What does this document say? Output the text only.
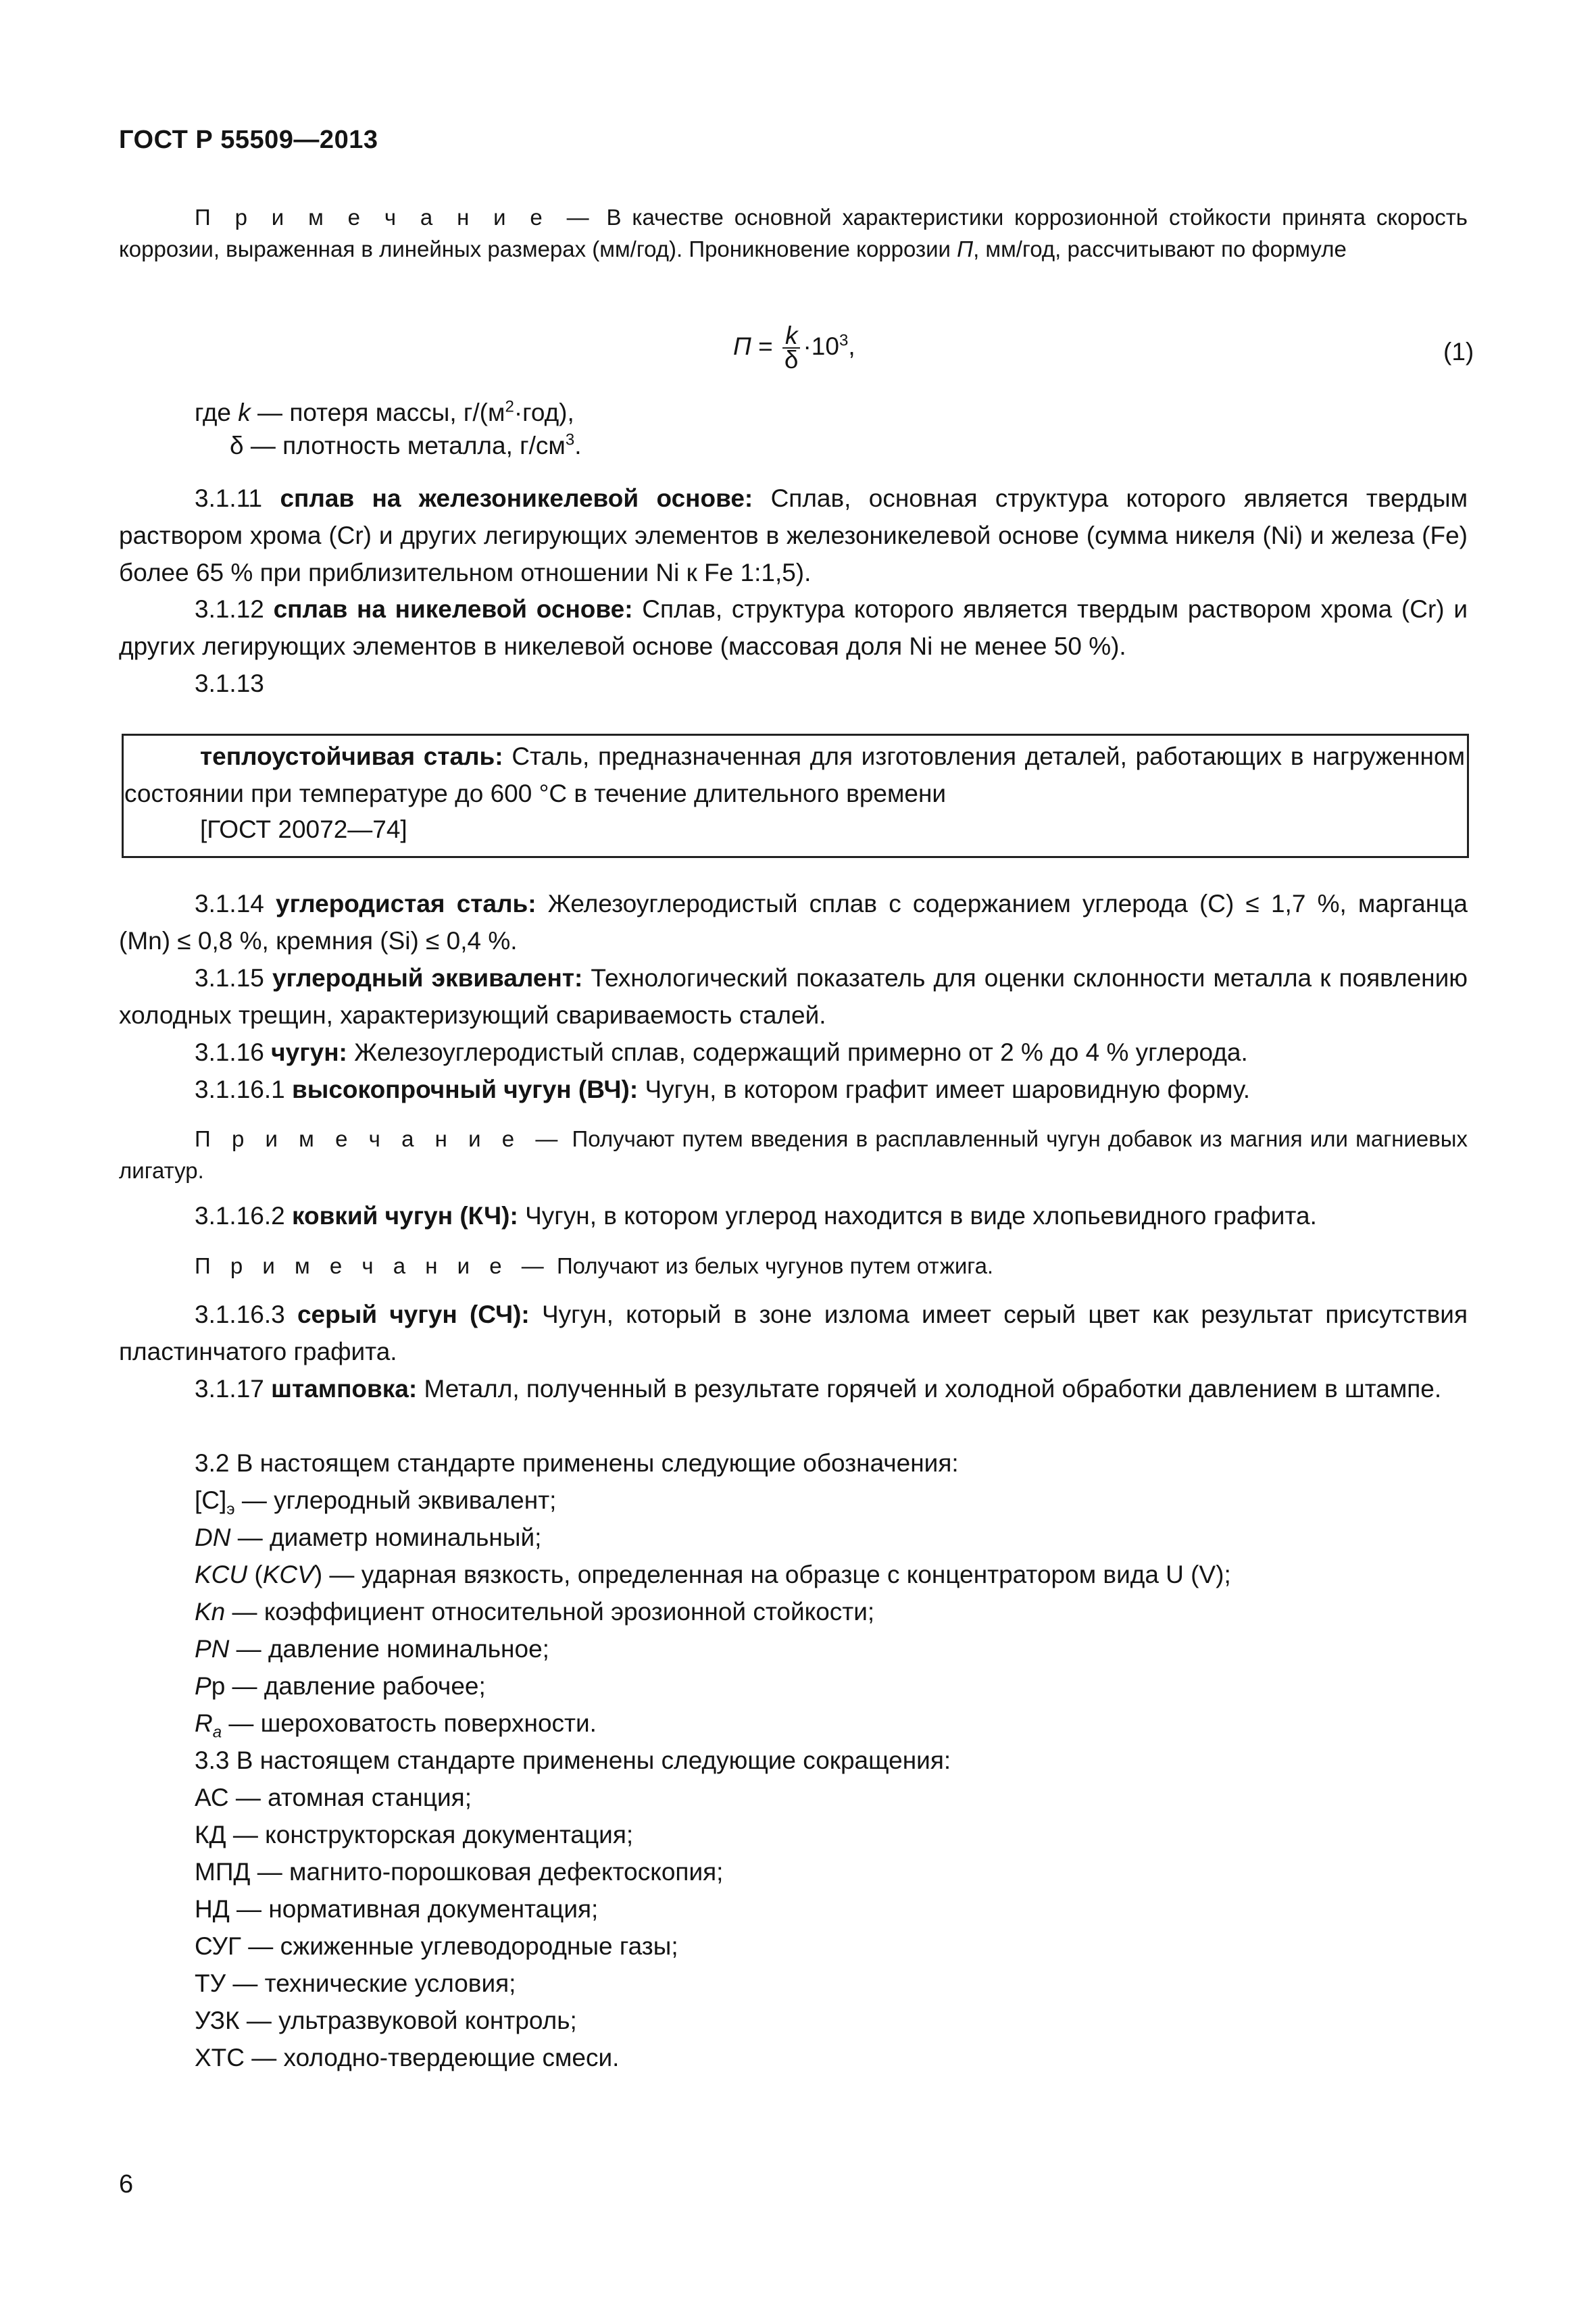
ГОСТ Р 55509—2013
П р и м е ч а н и е — В качестве основной характеристики коррозионной стойкости принята скорость коррозии, выраженная в линейных размерах (мм/год). Проникновение коррозии П, мм/год, рассчитывают по формуле
$П = \frac{k}{\delta} \cdot 10^3$,	(1)
где k — потеря массы, $г/(м^2\cdot год)$,
δ — плотность металла, $г/см^3$.
3.1.11 сплав на железоникелевой основе: Сплав, основная структура которого является твердым раствором хрома (Cr) и других легирующих элементов в железоникелевой основе (сумма никеля (Ni) и железа (Fe) более 65 % при приблизительном отношении Ni к Fe 1:1,5).
3.1.12 сплав на никелевой основе: Сплав, структура которого является твердым раствором хрома (Cr) и других легирующих элементов в никелевой основе (массовая доля Ni не менее 50 %).
3.1.13
теплоустойчивая сталь: Сталь, предназначенная для изготовления деталей, работающих в нагруженном состоянии при температуре до 600 °С в течение длительного времени
[ГОСТ 20072—74]
3.1.14 углеродистая сталь: Железоуглеродистый сплав с содержанием углерода (С) ≤ 1,7 %, марганца (Mn) ≤ 0,8 %, кремния (Si) ≤ 0,4 %.
3.1.15 углеродный эквивалент: Технологический показатель для оценки склонности металла к появлению холодных трещин, характеризующий свариваемость сталей.
3.1.16 чугун: Железоуглеродистый сплав, содержащий примерно от 2 % до 4 % углерода.
3.1.16.1 высокопрочный чугун (ВЧ): Чугун, в котором графит имеет шаровидную форму.
П р и м е ч а н и е — Получают путем введения в расплавленный чугун добавок из магния или магниевых лигатур.
3.1.16.2 ковкий чугун (КЧ): Чугун, в котором углерод находится в виде хлопьевидного графита.
П р и м е ч а н и е — Получают из белых чугунов путем отжига.
3.1.16.3 серый чугун (СЧ): Чугун, который в зоне излома имеет серый цвет как результат присутствия пластинчатого графита.
3.1.17 штамповка: Металл, полученный в результате горячей и холодной обработки давлением в штампе.
3.2 В настоящем стандарте применены следующие обозначения:
$[С]_э$ — углеродный эквивалент;
DN — диаметр номинальный;
KCU (KCV) — ударная вязкость, определенная на образце с концентратором вида U (V);
Kn — коэффициент относительной эрозионной стойкости;
PN — давление номинальное;
Pр — давление рабочее;
$R_a$ — шероховатость поверхности.
3.3 В настоящем стандарте применены следующие сокращения:
АС — атомная станция;
КД — конструкторская документация;
МПД — магнито-порошковая дефектоскопия;
НД — нормативная документация;
СУГ — сжиженные углеводородные газы;
ТУ — технические условия;
УЗК — ультразвуковой контроль;
ХТС — холодно-твердеющие смеси.
6
